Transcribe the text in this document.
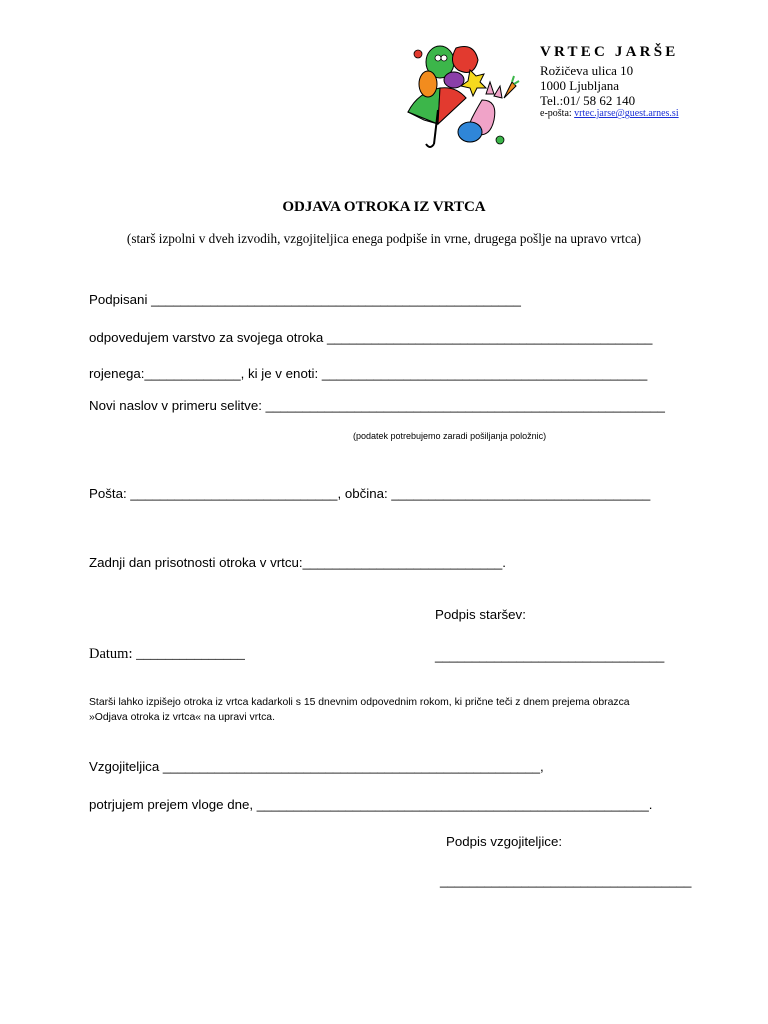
VRTEC JARŠE
Rožičeva ulica 10
1000 Ljubljana
Tel.:01/ 58 62 140
e-pošta: vrtec.jarse@guest.arnes.si
ODJAVA OTROKA IZ VRTCA
(starš izpolni v dveh izvodih, vzgojiteljica enega podpiše in vrne, drugega pošlje na upravo vrtca)
Podpisani __________________________________________________
odpovedujem varstvo za svojega otroka ____________________________________________
rojenega:_____________, ki je v enoti: ____________________________________________
Novi naslov v primeru selitve: ______________________________________________________
(podatek potrebujemo zaradi pošiljanja položnic)
Pošta: ____________________________, občina: ___________________________________
Zadnji dan prisotnosti otroka v vrtcu:___________________________.
Podpis staršev:
Datum: _______________	_______________________________
Starši lahko izpišejo otroka iz vrtca kadarkoli s 15 dnevnim odpovednim rokom, ki prične teči z dnem prejema obrazca
»Odjava otroka iz vrtca« na upravi vrtca.
Vzgojiteljica ___________________________________________________,
potrjujem prejem vloge dne, _____________________________________________________.
Podpis vzgojiteljice:
__________________________________
